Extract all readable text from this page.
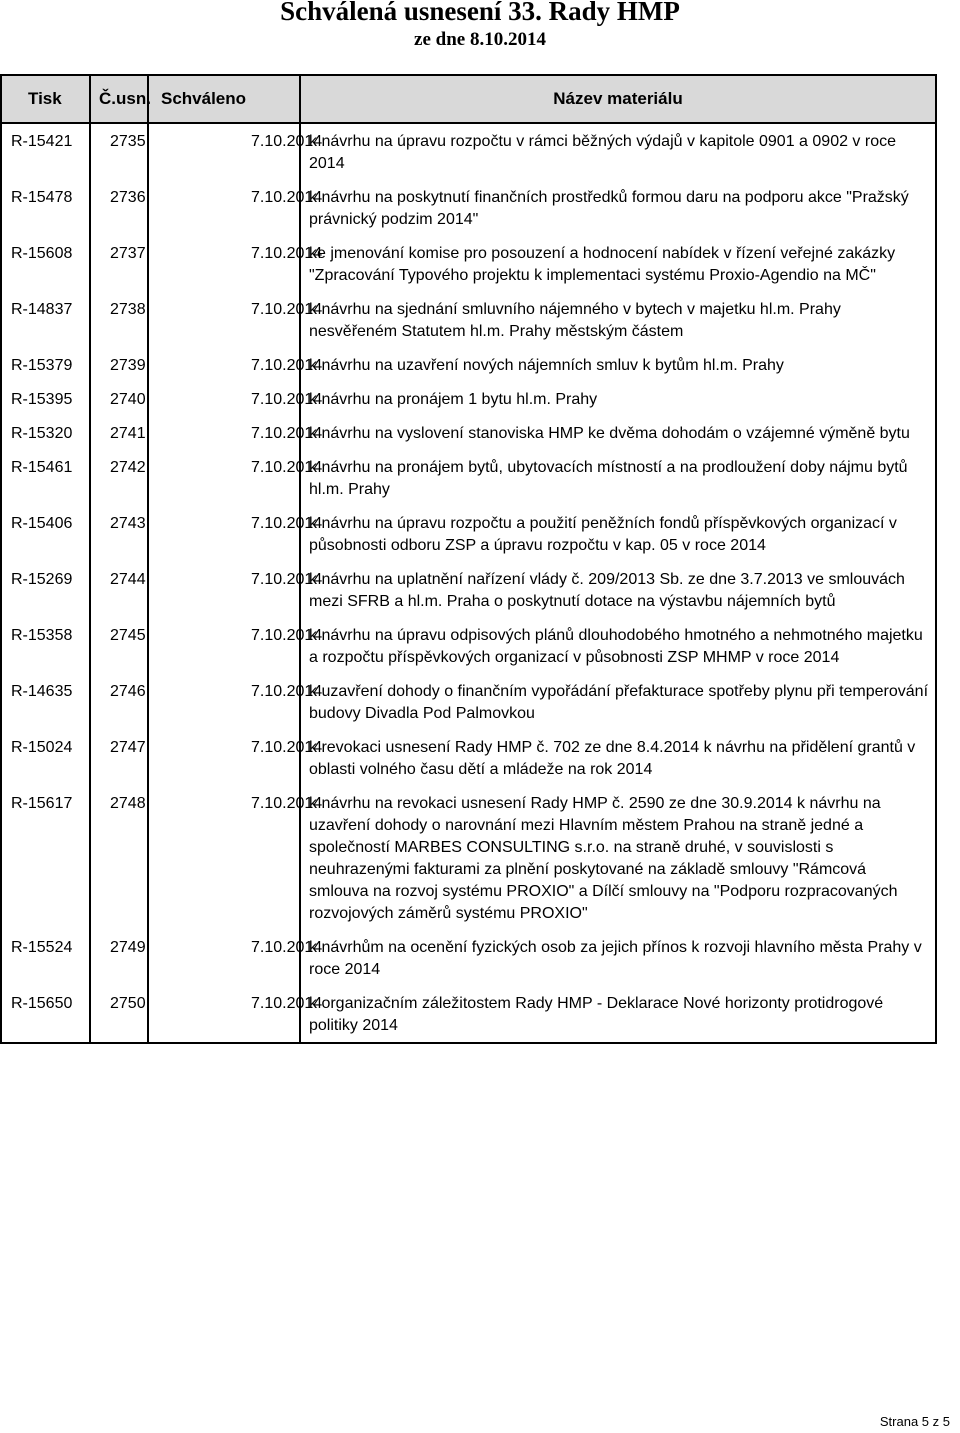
Schválená usnesení 33. Rady HMP
ze dne 8.10.2014
Tisk	Č.usn.	Schváleno	Název materiálu
R-15421	2735	7.10.2014	k návrhu na úpravu rozpočtu v rámci běžných výdajů v kapitole 0901 a 0902 v roce 2014
R-15478	2736	7.10.2014	k návrhu na poskytnutí finančních prostředků formou daru na podporu akce "Pražský právnický podzim 2014"
R-15608	2737	7.10.2014	ke jmenování komise pro posouzení a hodnocení nabídek v řízení veřejné zakázky "Zpracování Typového projektu k implementaci systému Proxio-Agendio na MČ"
R-14837	2738	7.10.2014	k návrhu na sjednání smluvního nájemného v bytech v majetku hl.m. Prahy nesvěřeném Statutem hl.m. Prahy městským částem
R-15379	2739	7.10.2014	k návrhu na uzavření nových nájemních smluv k bytům hl.m. Prahy
R-15395	2740	7.10.2014	k návrhu na pronájem 1 bytu hl.m. Prahy
R-15320	2741	7.10.2014	k návrhu na vyslovení stanoviska HMP ke dvěma dohodám o vzájemné výměně bytu
R-15461	2742	7.10.2014	k návrhu na pronájem bytů, ubytovacích místností a na prodloužení doby nájmu bytů hl.m. Prahy
R-15406	2743	7.10.2014	k návrhu na úpravu rozpočtu a použití peněžních fondů příspěvkových organizací v působnosti odboru ZSP a úpravu rozpočtu v kap. 05 v roce 2014
R-15269	2744	7.10.2014	k návrhu na uplatnění nařízení vlády č. 209/2013 Sb. ze dne 3.7.2013 ve smlouvách mezi SFRB a hl.m. Praha o poskytnutí dotace na výstavbu nájemních bytů
R-15358	2745	7.10.2014	k návrhu na úpravu odpisových plánů dlouhodobého hmotného a nehmotného majetku a rozpočtu příspěvkových organizací v působnosti ZSP MHMP v roce 2014
R-14635	2746	7.10.2014	k uzavření dohody o finančním vypořádání přefakturace spotřeby plynu při temperování budovy Divadla Pod Palmovkou
R-15024	2747	7.10.2014	k revokaci usnesení Rady HMP č. 702 ze dne 8.4.2014 k návrhu na přidělení grantů v oblasti volného času dětí a mládeže na rok 2014
R-15617	2748	7.10.2014	k návrhu na revokaci usnesení Rady HMP č. 2590 ze dne 30.9.2014 k návrhu na uzavření dohody o narovnání mezi Hlavním městem Prahou na straně jedné a společností MARBES CONSULTING s.r.o. na straně druhé, v souvislosti s neuhrazenými fakturami za plnění poskytované na základě smlouvy "Rámcová smlouva na rozvoj systému PROXIO" a Dílčí smlouvy na "Podporu rozpracovaných rozvojových záměrů systému PROXIO"
R-15524	2749	7.10.2014	k návrhům na ocenění fyzických osob za jejich přínos k rozvoji hlavního města Prahy v roce 2014
R-15650	2750	7.10.2014	k organizačním záležitostem Rady HMP - Deklarace Nové horizonty protidrogové politiky 2014
Strana 5 z 5
